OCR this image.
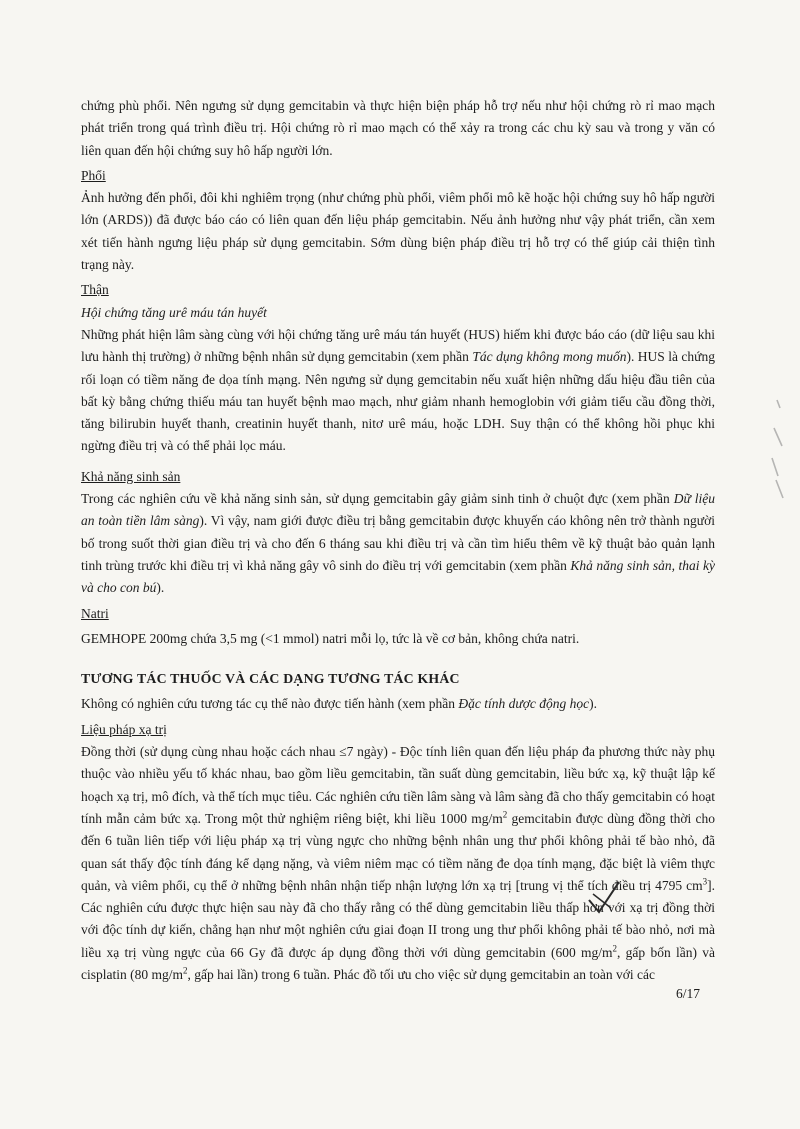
chứng phù phổi. Nên ngưng sử dụng gemcitabin và thực hiện biện pháp hỗ trợ nếu như hội chứng rò rỉ mao mạch phát triển trong quá trình điều trị. Hội chứng rò rỉ mao mạch có thể xảy ra trong các chu kỳ sau và trong y văn có liên quan đến hội chứng suy hô hấp người lớn.

Phổi

Ảnh hưởng đến phổi, đôi khi nghiêm trọng (như chứng phù phổi, viêm phổi mô kẽ hoặc hội chứng suy hô hấp người lớn (ARDS)) đã được báo cáo có liên quan đến liệu pháp gemcitabin. Nếu ảnh hưởng như vậy phát triển, cần xem xét tiến hành ngưng liệu pháp sử dụng gemcitabin. Sớm dùng biện pháp điều trị hỗ trợ có thể giúp cải thiện tình trạng này.

Thận

Hội chứng tăng urê máu tán huyết

Những phát hiện lâm sàng cùng với hội chứng tăng urê máu tán huyết (HUS) hiếm khi được báo cáo (dữ liệu sau khi lưu hành thị trường) ở những bệnh nhân sử dụng gemcitabin (xem phần Tác dụng không mong muốn). HUS là chứng rối loạn có tiềm năng đe dọa tính mạng. Nên ngưng sử dụng gemcitabin nếu xuất hiện những dấu hiệu đầu tiên của bất kỳ bằng chứng thiếu máu tan huyết bệnh mao mạch, như giảm nhanh hemoglobin với giảm tiểu cầu đồng thời, tăng bilirubin huyết thanh, creatinin huyết thanh, nitơ urê máu, hoặc LDH. Suy thận có thể không hồi phục khi ngừng điều trị và có thể phải lọc máu.

Khả năng sinh sản

Trong các nghiên cứu về khả năng sinh sản, sử dụng gemcitabin gây giảm sinh tinh ở chuột đực (xem phần Dữ liệu an toàn tiền lâm sàng). Vì vậy, nam giới được điều trị bằng gemcitabin được khuyến cáo không nên trở thành người bố trong suốt thời gian điều trị và cho đến 6 tháng sau khi điều trị và cần tìm hiểu thêm về kỹ thuật bảo quản lạnh tinh trùng trước khi điều trị vì khả năng gây vô sinh do điều trị với gemcitabin (xem phần Khả năng sinh sản, thai kỳ và cho con bú).

Natri

GEMHOPE 200mg chứa 3,5 mg (<1 mmol) natri mỗi lọ, tức là về cơ bản, không chứa natri.

TƯƠNG TÁC THUỐC VÀ CÁC DẠNG TƯƠNG TÁC KHÁC

Không có nghiên cứu tương tác cụ thể nào được tiến hành (xem phần Đặc tính dược động học).

Liệu pháp xạ trị

Đồng thời (sử dụng cùng nhau hoặc cách nhau ≤7 ngày) - Độc tính liên quan đến liệu pháp đa phương thức này phụ thuộc vào nhiều yếu tố khác nhau, bao gồm liều gemcitabin, tần suất dùng gemcitabin, liều bức xạ, kỹ thuật lập kế hoạch xạ trị, mô đích, và thể tích mục tiêu. Các nghiên cứu tiền lâm sàng và lâm sàng đã cho thấy gemcitabin có hoạt tính mẫn cảm bức xạ. Trong một thử nghiệm riêng biệt, khi liều 1000 $mg/m^2$ gemcitabin được dùng đồng thời cho đến 6 tuần liên tiếp với liệu pháp xạ trị vùng ngực cho những bệnh nhân ung thư phổi không phải tế bào nhỏ, đã quan sát thấy độc tính đáng kể dạng nặng, và viêm niêm mạc có tiềm năng đe dọa tính mạng, đặc biệt là viêm thực quản, và viêm phổi, cụ thể ở những bệnh nhân nhận tiếp nhận lượng lớn xạ trị [trung vị thể tích điều trị 4795 $cm^3$]. Các nghiên cứu được thực hiện sau này đã cho thấy rằng có thể dùng gemcitabin liều thấp hơn với xạ trị đồng thời với độc tính dự kiến, chẳng hạn như một nghiên cứu giai đoạn II trong ung thư phổi không phải tế bào nhỏ, nơi mà liều xạ trị vùng ngực của 66 Gy đã được áp dụng đồng thời với dùng gemcitabin (600 $mg/m^2$, gấp bốn lần) và cisplatin (80 $mg/m^2$, gấp hai lần) trong 6 tuần. Phác đồ tối ưu cho việc sử dụng gemcitabin an toàn với các

6/17
